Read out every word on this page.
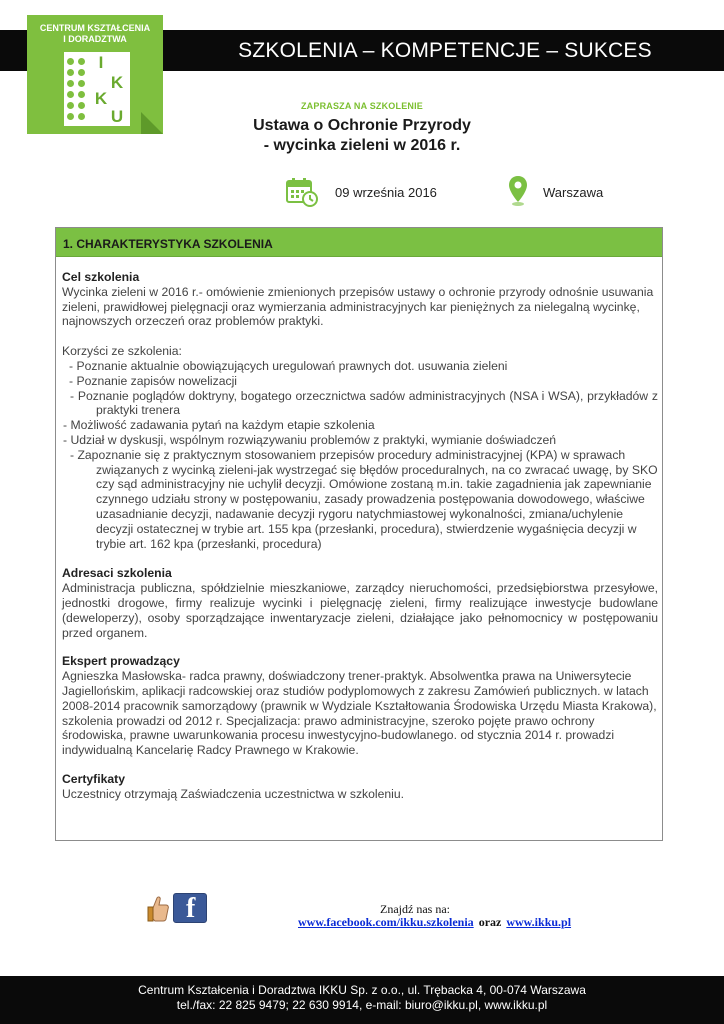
SZKOLENIA – KOMPETENCJE – SUKCES
CENTRUM KSZTAŁCENIA
I DORADZTWA
I
K
K
U
ZAPRASZA NA SZKOLENIE
Ustawa o Ochronie Przyrody
- wycinka zieleni w 2016 r.
09 września 2016	Warszawa
1. CHARAKTERYSTYKA SZKOLENIA

Cel szkolenia

Wycinka zieleni w 2016 r.- omówienie zmienionych przepisów ustawy o ochronie przyrody odnośnie usuwania zieleni, prawidłowej pielęgnacji oraz wymierzania administracyjnych kar pieniężnych za nielegalną wycinkę, najnowszych orzeczeń oraz problemów praktyki.

Korzyści ze szkolenia:

- Poznanie aktualnie obowiązujących uregulowań prawnych dot. usuwania zieleni

- Poznanie zapisów nowelizacji

- Poznanie poglądów doktryny, bogatego orzecznictwa sadów administracyjnych (NSA i WSA), przykładów z praktyki trenera

- Możliwość zadawania pytań na każdym etapie szkolenia

- Udział w dyskusji, wspólnym rozwiązywaniu problemów z praktyki, wymianie doświadczeń

- Zapoznanie się z praktycznym stosowaniem przepisów procedury administracyjnej (KPA) w sprawach związanych z wycinką zieleni-jak wystrzegać się błędów proceduralnych, na co zwracać uwagę, by SKO czy sąd administracyjny nie uchylił decyzji. Omówione zostaną m.in. takie zagadnienia jak zapewnianie czynnego udziału strony w postępowaniu, zasady prowadzenia postępowania dowodowego, właściwe uzasadnianie decyzji, nadawanie decyzji rygoru natychmiastowej wykonalności, zmiana/uchylenie decyzji ostatecznej w trybie art. 155 kpa (przesłanki, procedura), stwierdzenie wygaśnięcia decyzji w trybie art. 162 kpa (przesłanki, procedura)

Adresaci szkolenia

Administracja publiczna, spółdzielnie mieszkaniowe, zarządcy nieruchomości, przedsiębiorstwa przesyłowe, jednostki drogowe, firmy realizuje wycinki i pielęgnację zieleni, firmy realizujące inwestycje budowlane (deweloperzy), osoby sporządzające inwentaryzacje zieleni, działające jako pełnomocnicy w postępowaniu przed organem.

Ekspert prowadzący

Agnieszka Masłowska- radca prawny, doświadczony trener-praktyk. Absolwentka prawa na Uniwersytecie Jagiellońskim, aplikacji radcowskiej oraz studiów podyplomowych z zakresu Zamówień publicznych. w latach 2008-2014 pracownik samorządowy (prawnik w Wydziale Kształtowania Środowiska Urzędu Miasta Krakowa), szkolenia prowadzi od 2012 r. Specjalizacja: prawo administracyjne, szeroko pojęte prawo ochrony środowiska, prawne uwarunkowania procesu inwestycyjno-budowlanego. od stycznia 2014 r. prowadzi indywidualną Kancelarię Radcy Prawnego w Krakowie.

Certyfikaty

Uczestnicy otrzymają Zaświadczenia uczestnictwa w szkoleniu.

f	Znajdź nas na:
www.facebook.com/ikku.szkolenia oraz www.ikku.pl
Centrum Kształcenia i Doradztwa IKKU Sp. z o.o., ul. Trębacka 4, 00-074 Warszawa
tel./fax: 22 825 9479; 22 630 9914, e-mail: biuro@ikku.pl, www.ikku.pl
